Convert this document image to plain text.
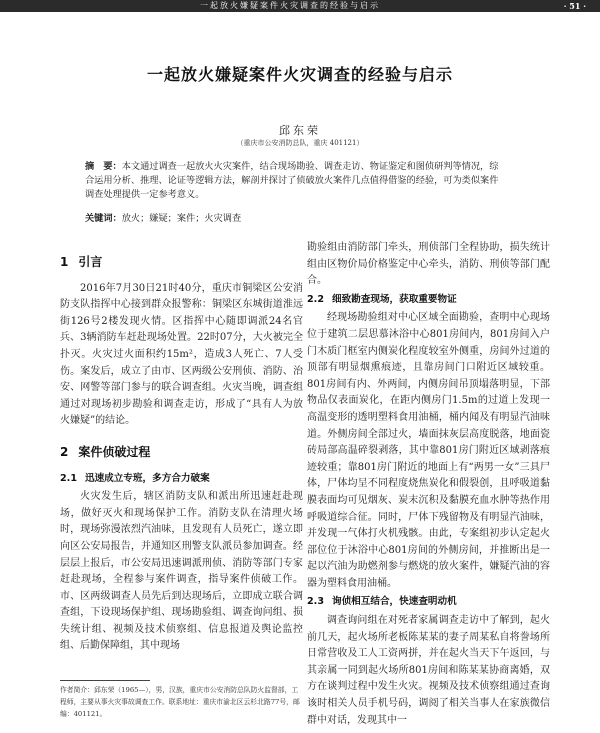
一起放火嫌疑案件火灾调查的经验与启示	· 51 ·
一起放火嫌疑案件火灾调查的经验与启示
邱东荣
（重庆市公安消防总队，重庆 401121）
摘　要：本文通过调查一起放火火灾案件，结合现场勘验、调查走访、物证鉴定和图侦研判等情况，综合运用分析、推理、论证等逻辑方法，解剖并探讨了侦破放火案件几点值得借鉴的经验，可为类似案件调查处理提供一定参考意义。
关键词：放火；嫌疑；案件；火灾调查
1 引言

2016年7月30日21时40分，重庆市铜梁区公安消防支队指挥中心接到群众报警称：铜梁区东城街道淮远街126号2楼发现火情。区指挥中心随即调派24名官兵、3辆消防车赶赴现场处置。22时07分，大火被完全扑灭。火灾过火面积约15m²，造成3人死亡、7人受伤。案发后，成立了由市、区两级公安刑侦、消防、治安、网警等部门参与的联合调查组。火灾当晚，调查组通过对现场初步勘验和调查走访，形成了“具有人为放火嫌疑”的结论。

2 案件侦破过程
2.1 迅速成立专班，多方合力破案

火灾发生后，辖区消防支队和派出所迅速赶赴现场，做好灭火和现场保护工作。消防支队在清理火场时，现场弥漫浓烈汽油味，且发现有人员死亡，遂立即向区公安局报告，并通知区刑警支队派员参加调查。经层层上报后，市公安局迅速调派刑侦、消防等部门专家赶赴现场，全程参与案件调查，指导案件侦破工作。市、区两级调查人员先后到达现场后，立即成立联合调查组，下设现场保护组、现场勘验组、调查询问组、损失统计组、视频及技术侦察组、信息报道及舆论监控组、后勤保障组，其中现场

勘验组由消防部门牵头，刑侦部门全程协助，损失统计组由区物价局价格鉴定中心牵头，消防、刑侦等部门配合。

2.2 细致勘查现场，获取重要物证

经现场勘验组对中心区域全面勘验，查明中心现场位于建筑二层思慕沐浴中心801房间内，801房间入户门木质门框室内侧炭化程度较室外侧重，房间外过道的顶部有明显烟熏痕迹，且靠房间门口附近区域较重。801房间有内、外两间，内侧房间吊顶塌落明显，下部物品仅表面炭化，在距内侧房门1.5m的过道上发现一高温变形的透明塑料食用油桶，桶内闻及有明显汽油味道。外侧房间全部过火，墙面抹灰层高度脱落，地面瓷砖局部高温碎裂剥落，其中靠801房门附近区域剥落痕迹较重；靠801房门附近的地面上有“两男一女”三具尸体，尸体均呈不同程度烧焦炭化和假裂创，且呼吸道黏膜表面均可见烟灰、炭末沉积及黏膜充血水肿等热作用呼吸道综合征。同时，尸体下残留物及有明显汽油味，并发现一气体打火机残骸。由此，专案组初步认定起火部位位于沐浴中心801房间的外侧房间，并推断出是一起以汽油为助燃剂参与燃烧的放火案件，嫌疑汽油的容器为塑料食用油桶。

2.3 询侦相互结合，快速查明动机

调查询问组在对死者家属调查走访中了解到，起火前几天，起火场所老板陈某某的妻子周某私自将誊场所日常营收及工人工资两拼，并在起火当天下午返回，与其亲属一同到起火场所801房间和陈某某协商离婚，双方在谈判过程中发生火灾。视频及技术侦察组通过查询该时相关人员手机号码，调阅了相关当事人在家族微信群中对话，发现其中一

作者简介：邱东荣（1965—），男，汉族，重庆市公安消防总队防火监督部，工程师，主要从事火灾事故调查工作。联系地址：重庆市渝北区云杉北路77号，邮编：401121。
